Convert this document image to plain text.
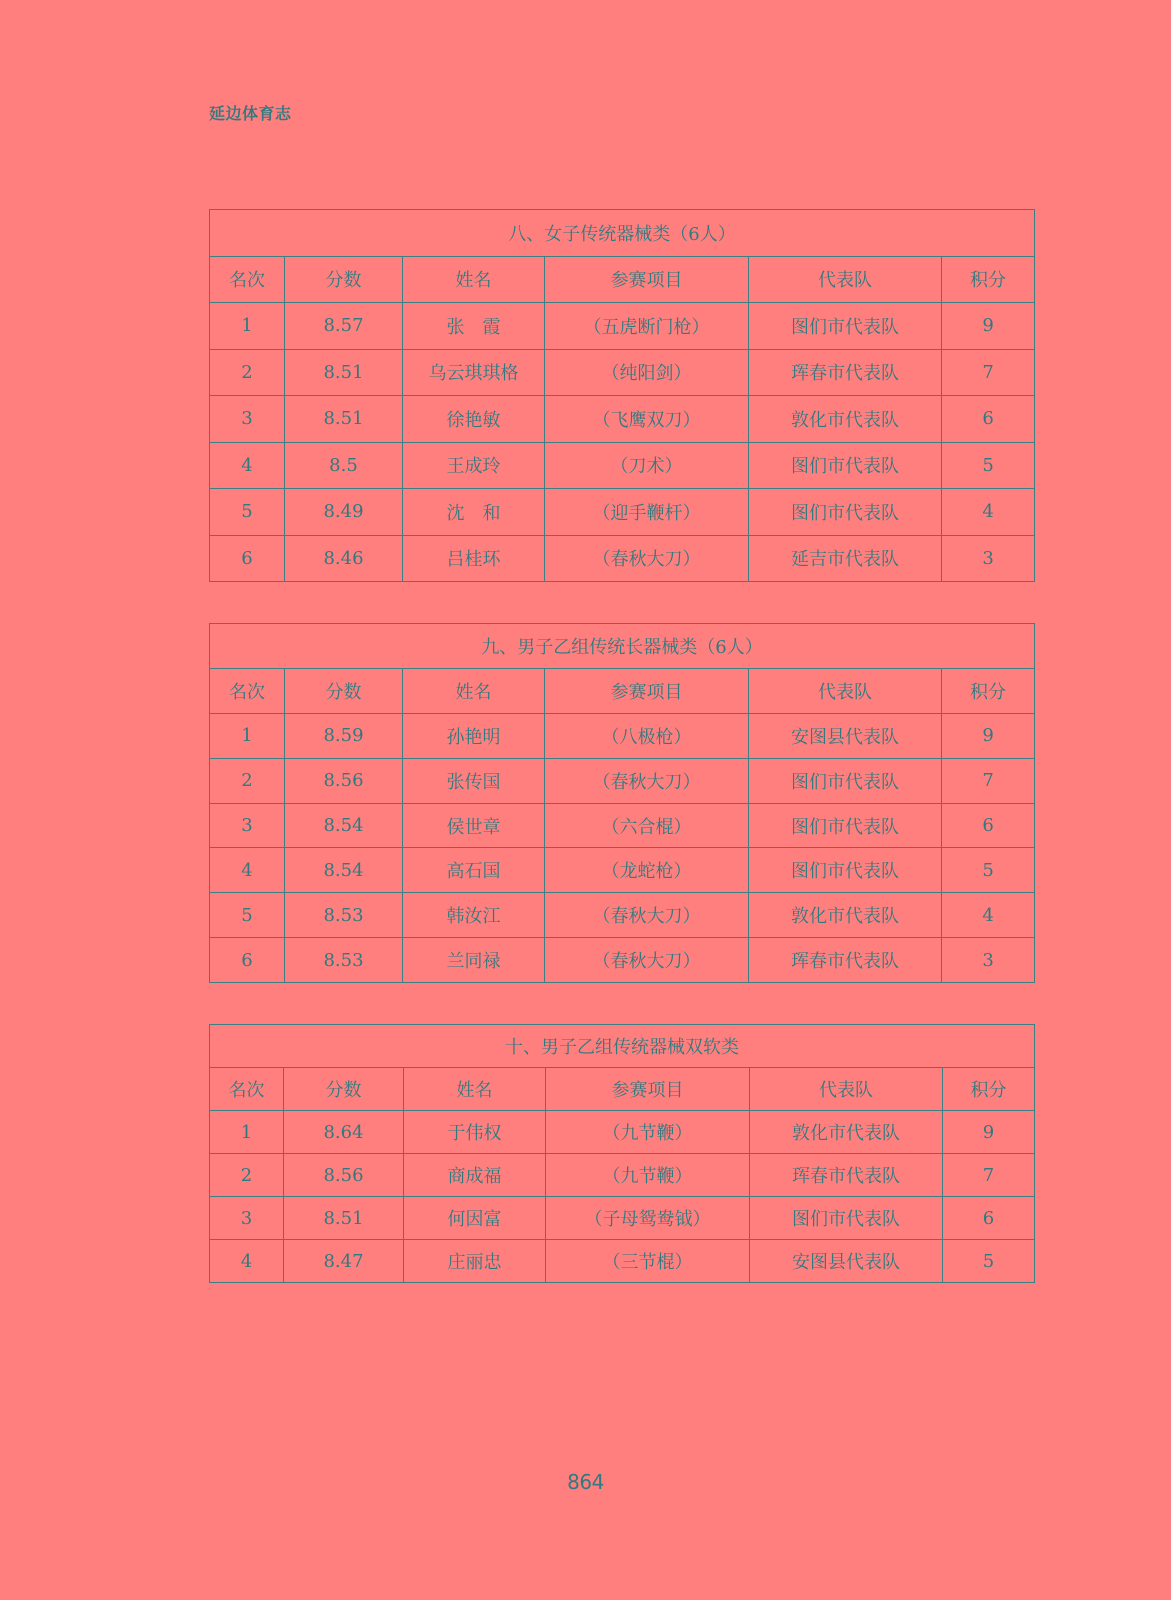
延边体育志
八、女子传统器械类（6人）					
名次	分数	姓名	参赛项目	代表队	积分
1	8.57	张　霞	（五虎断门枪）	图们市代表队	9
2	8.51	乌云琪琪格	（纯阳剑）	珲春市代表队	7
3	8.51	徐艳敏	（飞鹰双刀）	敦化市代表队	6
4	8.5	王成玲	（刀术）	图们市代表队	5
5	8.49	沈　和	（迎手鞭杆）	图们市代表队	4
6	8.46	吕桂环	（春秋大刀）	延吉市代表队	3
九、男子乙组传统长器械类（6人）					
名次	分数	姓名	参赛项目	代表队	积分
1	8.59	孙艳明	（八极枪）	安图县代表队	9
2	8.56	张传国	（春秋大刀）	图们市代表队	7
3	8.54	侯世章	（六合棍）	图们市代表队	6
4	8.54	高石国	（龙蛇枪）	图们市代表队	5
5	8.53	韩汝江	（春秋大刀）	敦化市代表队	4
6	8.53	兰同禄	（春秋大刀）	珲春市代表队	3
十、男子乙组传统器械双软类					
名次	分数	姓名	参赛项目	代表队	积分
1	8.64	于伟权	（九节鞭）	敦化市代表队	9
2	8.56	商成福	（九节鞭）	珲春市代表队	7
3	8.51	何因富	（子母鸳鸯钺）	图们市代表队	6
4	8.47	庄丽忠	（三节棍）	安图县代表队	5
864
